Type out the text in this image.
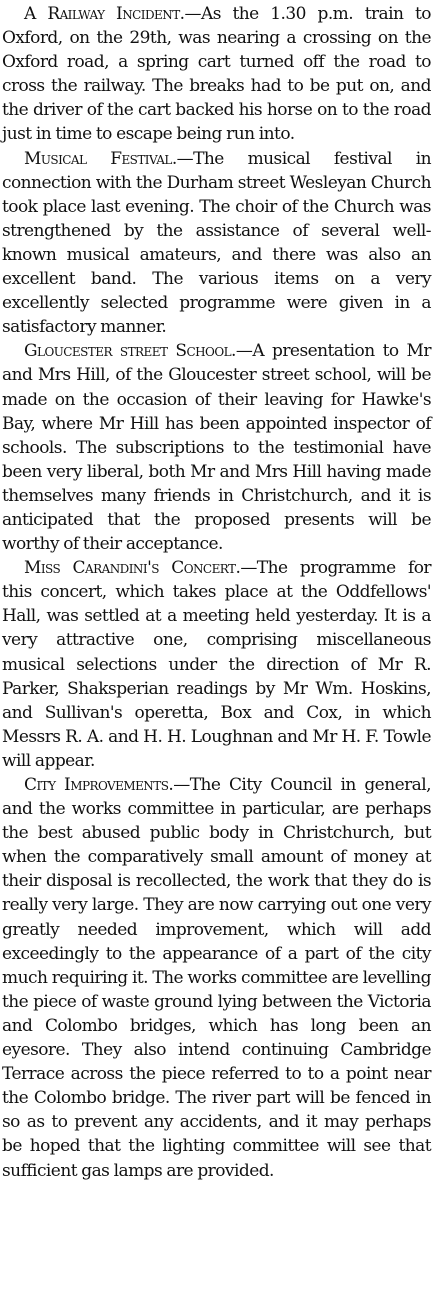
A Railway Incident.—As the 1.30 p.m. train to Oxford, on the 29th, was nearing a crossing on the Oxford road, a spring cart turned off the road to cross the railway. The breaks had to be put on, and the driver of the cart backed his horse on to the road just in time to escape being run into.

Musical Festival.—The musical festival in connection with the Durham street Wesleyan Church took place last evening. The choir of the Church was strengthened by the assistance of several well-known musical amateurs, and there was also an excellent band. The various items on a very excellently selected programme were given in a satisfactory manner.

Gloucester street School.—A presentation to Mr and Mrs Hill, of the Gloucester street school, will be made on the occasion of their leaving for Hawke's Bay, where Mr Hill has been appointed inspector of schools. The subscriptions to the testimonial have been very liberal, both Mr and Mrs Hill having made themselves many friends in Christchurch, and it is anticipated that the proposed presents will be worthy of their acceptance.

Miss Carandini's Concert.—The programme for this concert, which takes place at the Oddfellows' Hall, was settled at a meeting held yesterday. It is a very attractive one, comprising miscellaneous musical selections under the direction of Mr R. Parker, Shaksperian readings by Mr Wm. Hoskins, and Sullivan's operetta, Box and Cox, in which Messrs R. A. and H. H. Loughnan and Mr H. F. Towle will appear.

City Improvements.—The City Council in general, and the works committee in particular, are perhaps the best abused public body in Christchurch, but when the comparatively small amount of money at their disposal is recollected, the work that they do is really very large. They are now carrying out one very greatly needed improvement, which will add exceedingly to the appearance of a part of the city much requiring it. The works committee are levelling the piece of waste ground lying between the Victoria and Colombo bridges, which has long been an eyesore. They also intend continuing Cambridge Terrace across the piece referred to to a point near the Colombo bridge. The river part will be fenced in so as to prevent any accidents, and it may perhaps be hoped that the lighting committee will see that sufficient gas lamps are provided.
